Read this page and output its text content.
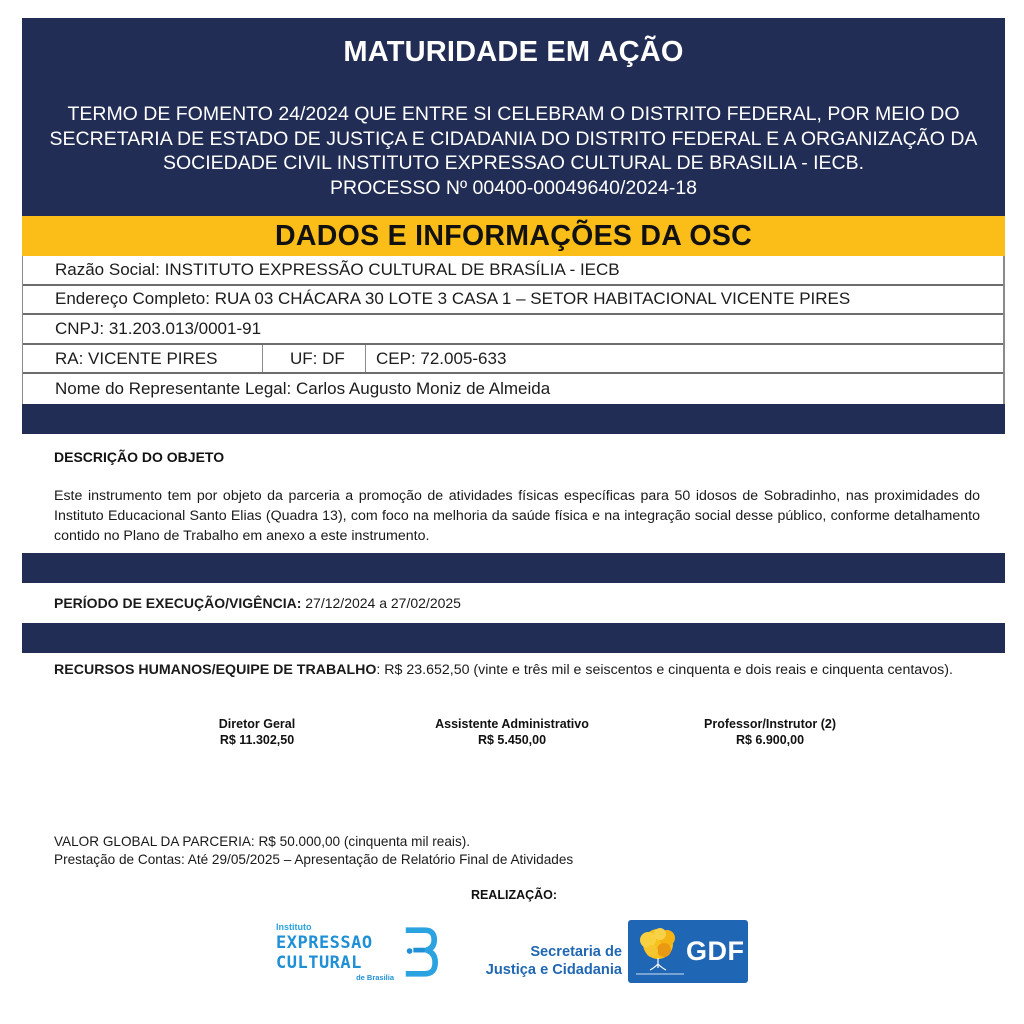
MATURIDADE EM AÇÃO
TERMO DE FOMENTO 24/2024 QUE ENTRE SI CELEBRAM O DISTRITO FEDERAL, POR MEIO DO
SECRETARIA DE ESTADO DE JUSTIÇA E CIDADANIA DO DISTRITO FEDERAL E A ORGANIZAÇÃO DA
SOCIEDADE CIVIL INSTITUTO EXPRESSAO CULTURAL DE BRASILIA - IECB.
PROCESSO Nº 00400-00049640/2024-18
DADOS E INFORMAÇÕES DA OSC
Razão Social: INSTITUTO EXPRESSÃO CULTURAL DE BRASÍLIA - IECB
Endereço Completo: RUA 03 CHÁCARA 30 LOTE 3 CASA 1 – SETOR HABITACIONAL VICENTE PIRES
CNPJ: 31.203.013/0001-91
RA: VICENTE PIRES	UF: DF	CEP: 72.005-633
Nome do Representante Legal: Carlos Augusto Moniz de Almeida
DESCRIÇÃO DO OBJETO
Este instrumento tem por objeto da parceria a promoção de atividades físicas específicas para 50 idosos de Sobradinho, nas proximidades do Instituto Educacional Santo Elias (Quadra 13), com foco na melhoria da saúde física e na integração social desse público, conforme detalhamento contido no Plano de Trabalho em anexo a este instrumento.
PERÍODO DE EXECUÇÃO/VIGÊNCIA: 27/12/2024 a 27/02/2025
RECURSOS HUMANOS/EQUIPE DE TRABALHO: R$ 23.652,50 (vinte e três mil e seiscentos e cinquenta e dois reais e cinquenta centavos).
Diretor Geral
R$ 11.302,50
Assistente Administrativo
R$ 5.450,00
Professor/Instrutor (2)
R$ 6.900,00
VALOR GLOBAL DA PARCERIA: R$ 50.000,00 (cinquenta mil reais).
Prestação de Contas: Até 29/05/2025 – Apresentação de Relatório Final de Atividades
REALIZAÇÃO:
Instituto
EXPRESSAO
CULTURAL
de Brasilia
Secretaria de
Justiça e Cidadania
GDF
